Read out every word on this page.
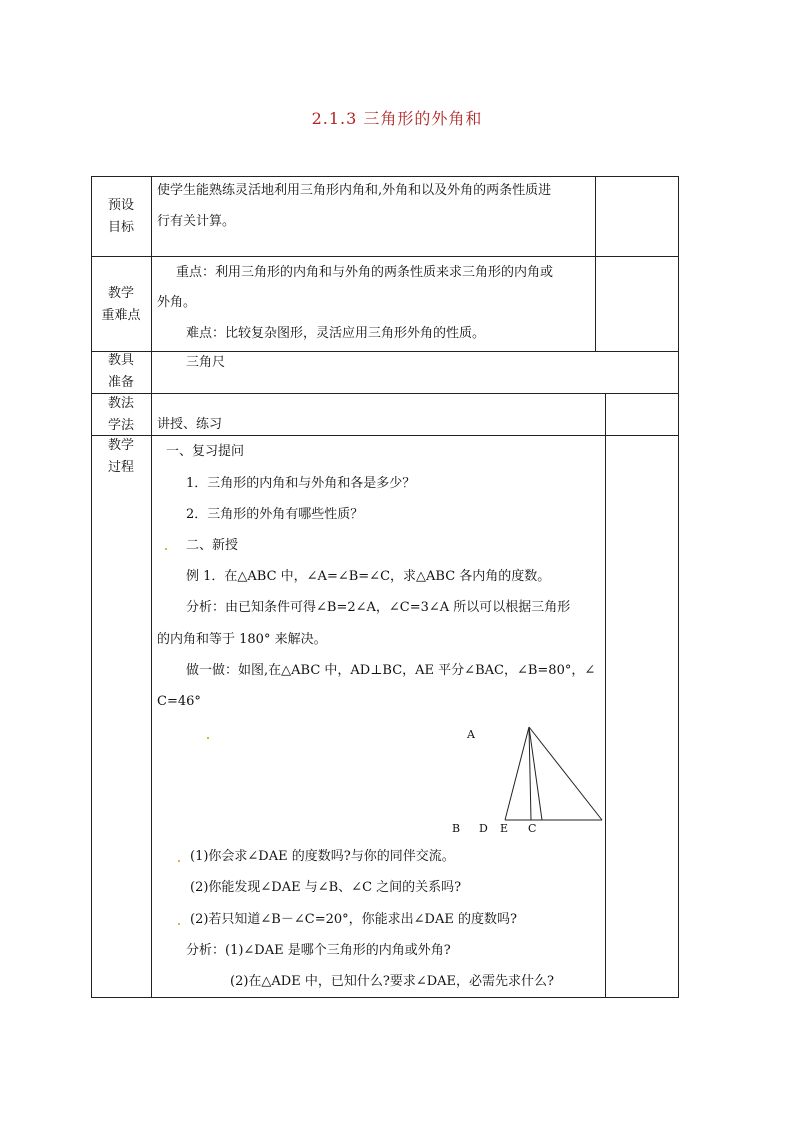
2.1.3 三角形的外角和
预设
目标
使学生能熟练灵活地利用三角形内角和,外角和以及外角的两条性质进
行有关计算。
教学
重难点
重点：利用三角形的内角和与外角的两条性质来求三角形的内角或
外角。
难点：比较复杂图形，灵活应用三角形外角的性质。
教具
准备
三角尺
教法
学法	讲授、练习
教学
过程
一、复习提问
1．三角形的内角和与外角和各是多少？
2．三角形的外角有哪些性质？
二、新授
例 1．在△ABC 中，∠A=∠B=∠C，求△ABC 各内角的度数。
分析：由已知条件可得∠B=2∠A，∠C=3∠A 所以可以根据三角形
的内角和等于 180° 来解决。
做一做：如图,在△ABC 中，AD⊥BC，AE 平分∠BAC，∠B=80°，∠
C=46°
A
B D E C
(1)你会求∠DAE 的度数吗?与你的同伴交流。
(2)你能发现∠DAE 与∠B、∠C 之间的关系吗?
(2)若只知道∠B－∠C=20°，你能求出∠DAE 的度数吗?
分析：(1)∠DAE 是哪个三角形的内角或外角?
(2)在△ADE 中，已知什么?要求∠DAE，必需先求什么?
